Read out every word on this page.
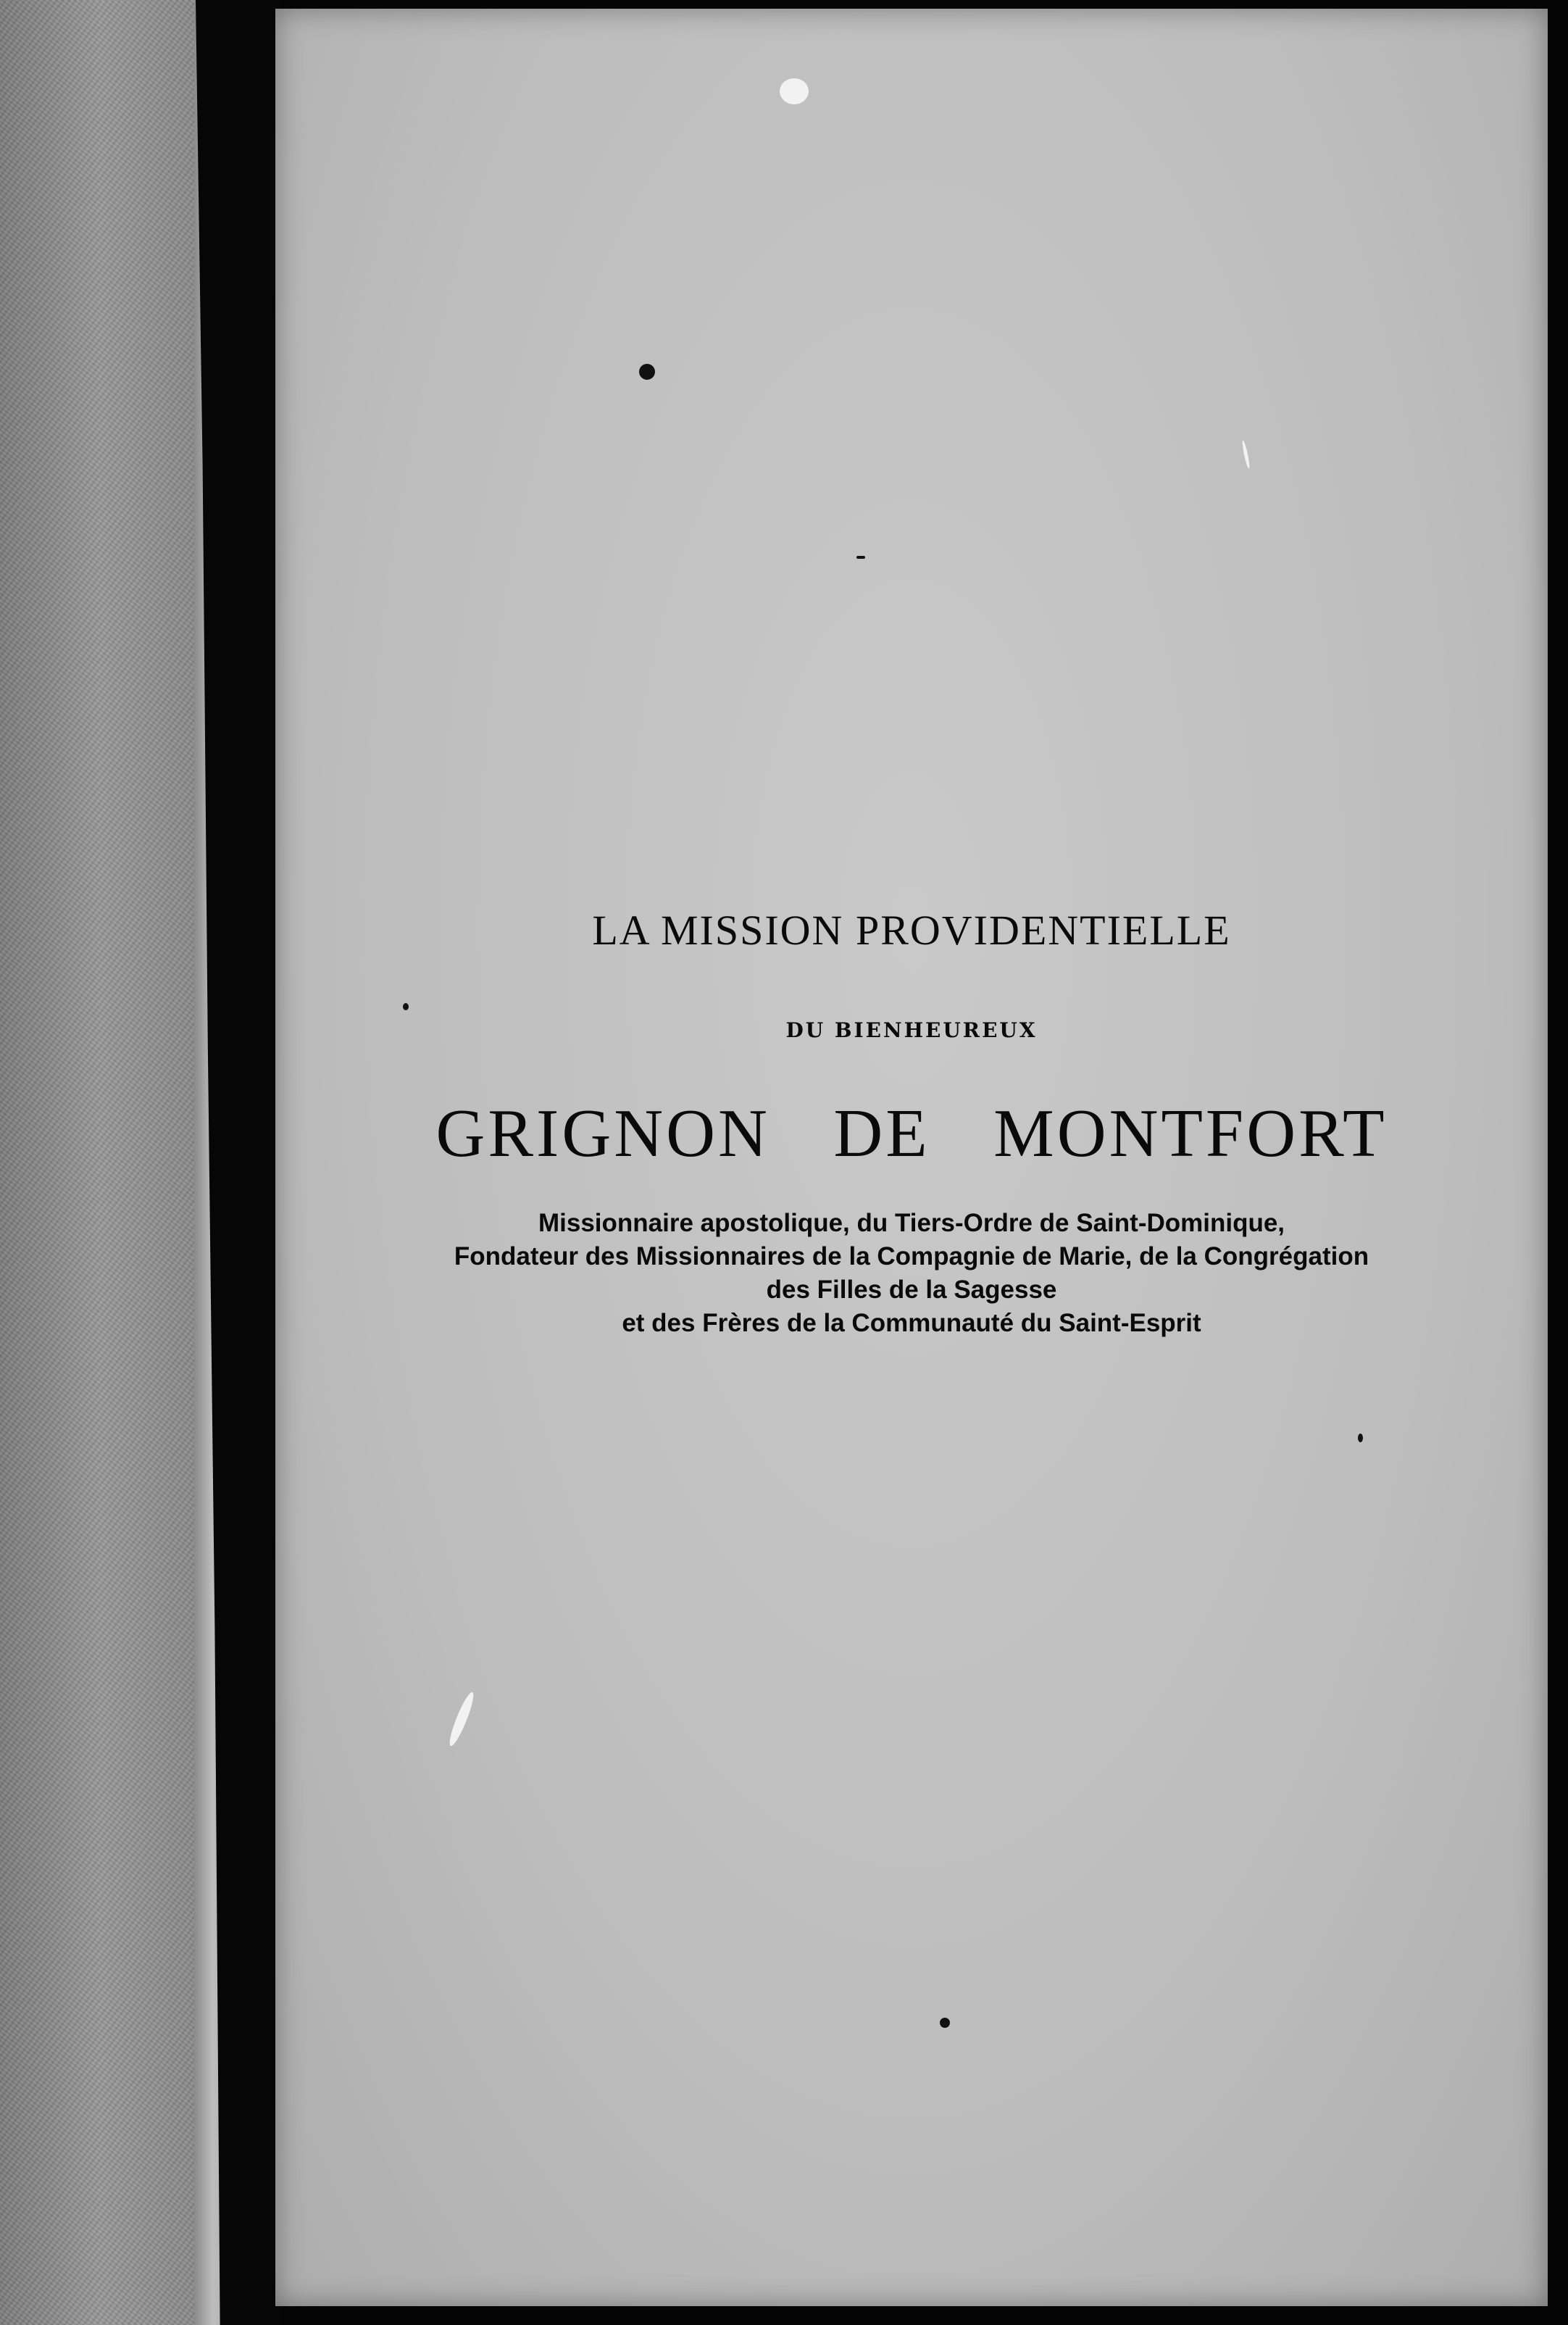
LA MISSION PROVIDENTIELLE
DU BIENHEUREUX
GRIGNON DE MONTFORT
Missionnaire apostolique, du Tiers-Ordre de Saint-Dominique,
Fondateur des Missionnaires de la Compagnie de Marie, de la Congrégation
des Filles de la Sagesse
et des Frères de la Communauté du Saint-Esprit
